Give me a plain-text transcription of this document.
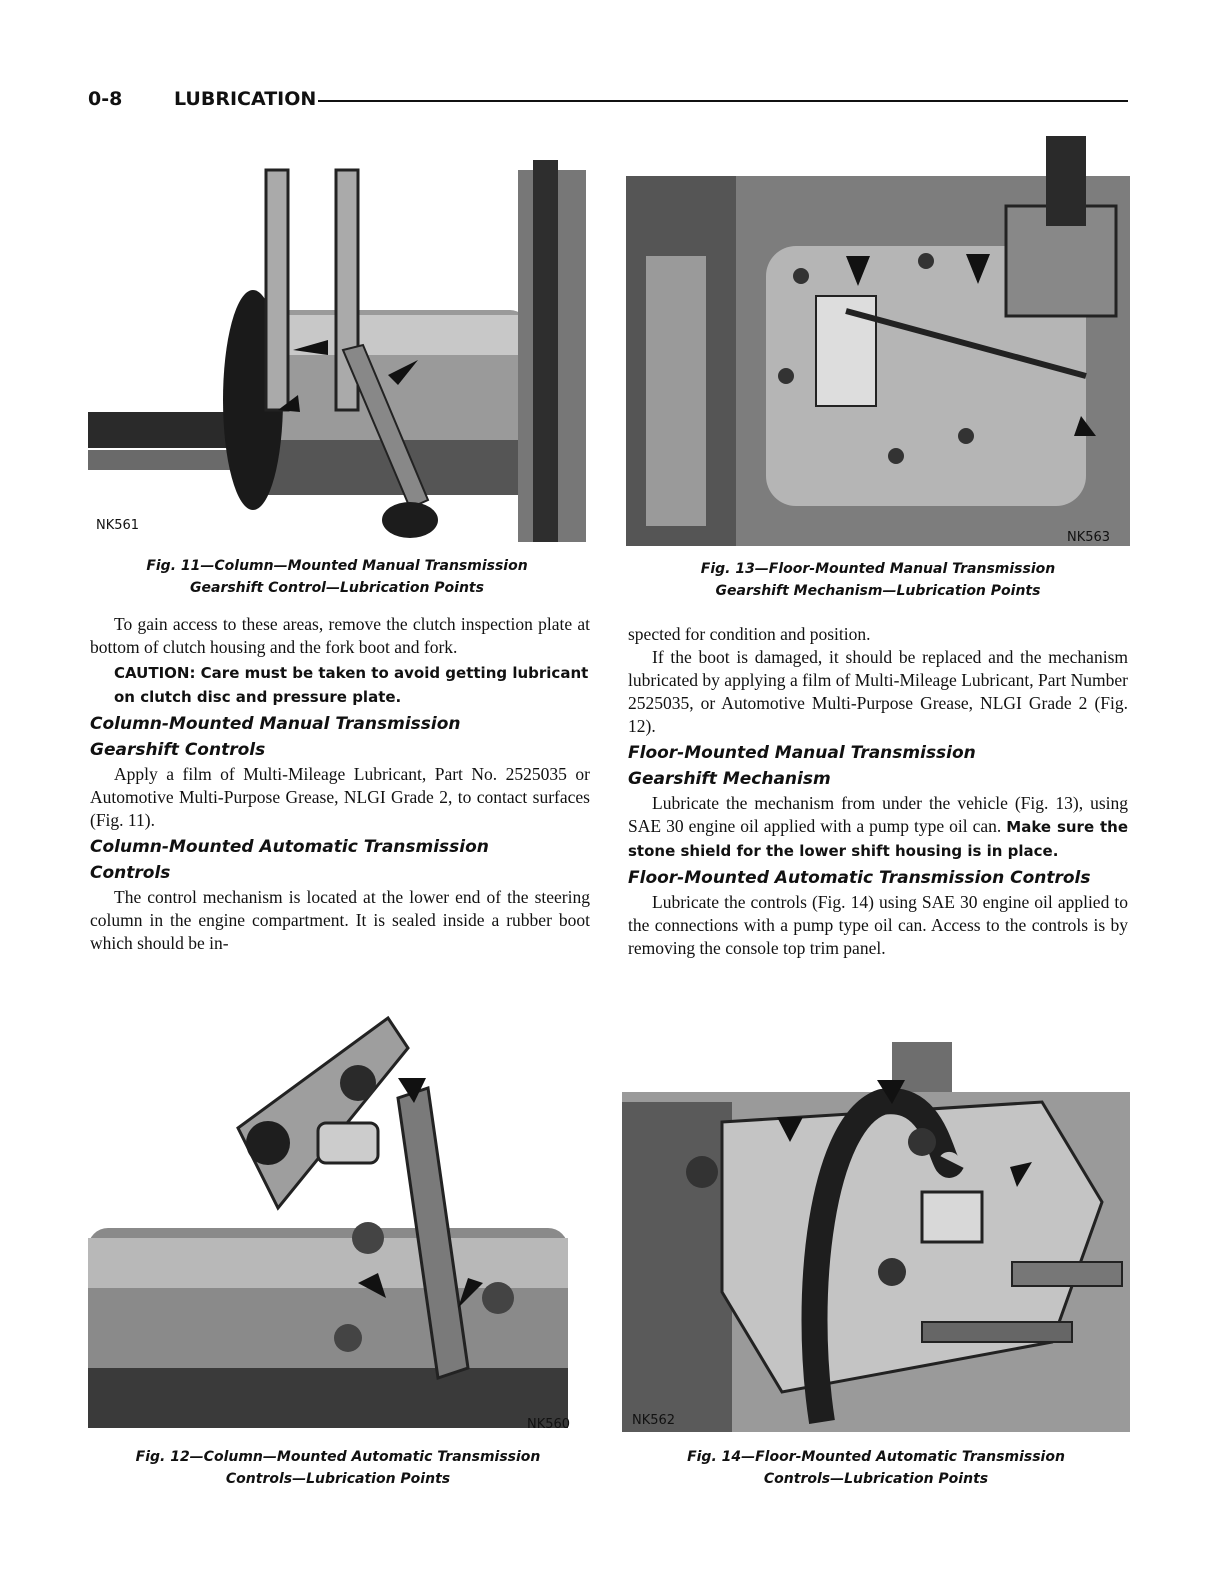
0-8	LUBRICATION
NK561
Fig. 11—Column—Mounted Manual Transmission
Gearshift Control—Lubrication Points
NK563
Fig. 13—Floor-Mounted Manual Transmission
Gearshift Mechanism—Lubrication Points

To gain access to these areas, remove the clutch inspection plate at bottom of clutch housing and the fork boot and fork.

CAUTION: Care must be taken to avoid getting lubricant on clutch disc and pressure plate.
Column-Mounted Manual Transmission
Gearshift Controls

Apply a film of Multi-Mileage Lubricant, Part No. 2525035 or Automotive Multi-Purpose Grease, NLGI Grade 2, to contact surfaces (Fig. 11).

Column-Mounted Automatic Transmission
Controls

The control mechanism is located at the lower end of the steering column in the engine compartment. It is sealed inside a rubber boot which should be in-

spected for condition and position.

If the boot is damaged, it should be replaced and the mechanism lubricated by applying a film of Multi-Mileage Lubricant, Part Number 2525035, or Automotive Multi-Purpose Grease, NLGI Grade 2 (Fig. 12).

Floor-Mounted Manual Transmission
Gearshift Mechanism

Lubricate the mechanism from under the vehicle (Fig. 13), using SAE 30 engine oil applied with a pump type oil can. Make sure the stone shield for the lower shift housing is in place.

Floor-Mounted Automatic Transmission Controls

Lubricate the controls (Fig. 14) using SAE 30 engine oil applied to the connections with a pump type oil can. Access to the controls is by removing the console top trim panel.

NK560
Fig. 12—Column—Mounted Automatic Transmission
Controls—Lubrication Points
NK562
Fig. 14—Floor-Mounted Automatic Transmission
Controls—Lubrication Points
